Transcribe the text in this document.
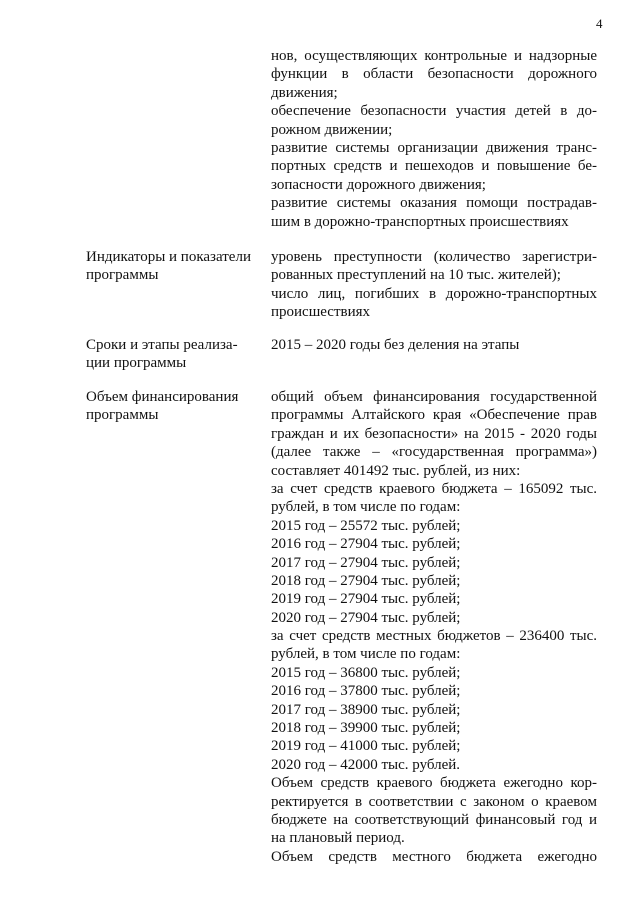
4
нов, осуществляющих контрольные и надзорные
функции в области безопасности дорожного
движения;
обеспечение безопасности участия детей в до-
рожном движении;
развитие системы организации движения транс-
портных средств и пешеходов и повышение бе-
зопасности дорожного движения;
развитие системы оказания помощи пострадав-
шим в дорожно-транспортных происшествиях
Индикаторы и показатели
программы
уровень преступности (количество зарегистри-
рованных преступлений на 10 тыс. жителей);
число лиц, погибших в дорожно-транспортных
происшествиях
Сроки и этапы реализа-
ции программы
2015 – 2020 годы без деления на этапы
Объем финансирования
программы
общий объем финансирования государственной
программы Алтайского края «Обеспечение прав
граждан и их безопасности» на 2015 - 2020 годы
(далее также – «государственная программа»)
составляет 401492 тыс. рублей, из них:
за счет средств краевого бюджета – 165092 тыс.
рублей, в том числе по годам:
2015 год – 25572 тыс. рублей;
2016 год – 27904 тыс. рублей;
2017 год – 27904 тыс. рублей;
2018 год – 27904 тыс. рублей;
2019 год – 27904 тыс. рублей;
2020 год – 27904 тыс. рублей;
за счет средств местных бюджетов – 236400 тыс.
рублей, в том числе по годам:
2015 год – 36800 тыс. рублей;
2016 год – 37800 тыс. рублей;
2017 год – 38900 тыс. рублей;
2018 год – 39900 тыс. рублей;
2019 год – 41000 тыс. рублей;
2020 год – 42000 тыс. рублей.
Объем средств краевого бюджета ежегодно кор-
ректируется в соответствии с законом о краевом
бюджете на соответствующий финансовый год и
на плановый период.
Объем средств местного бюджета ежегодно
